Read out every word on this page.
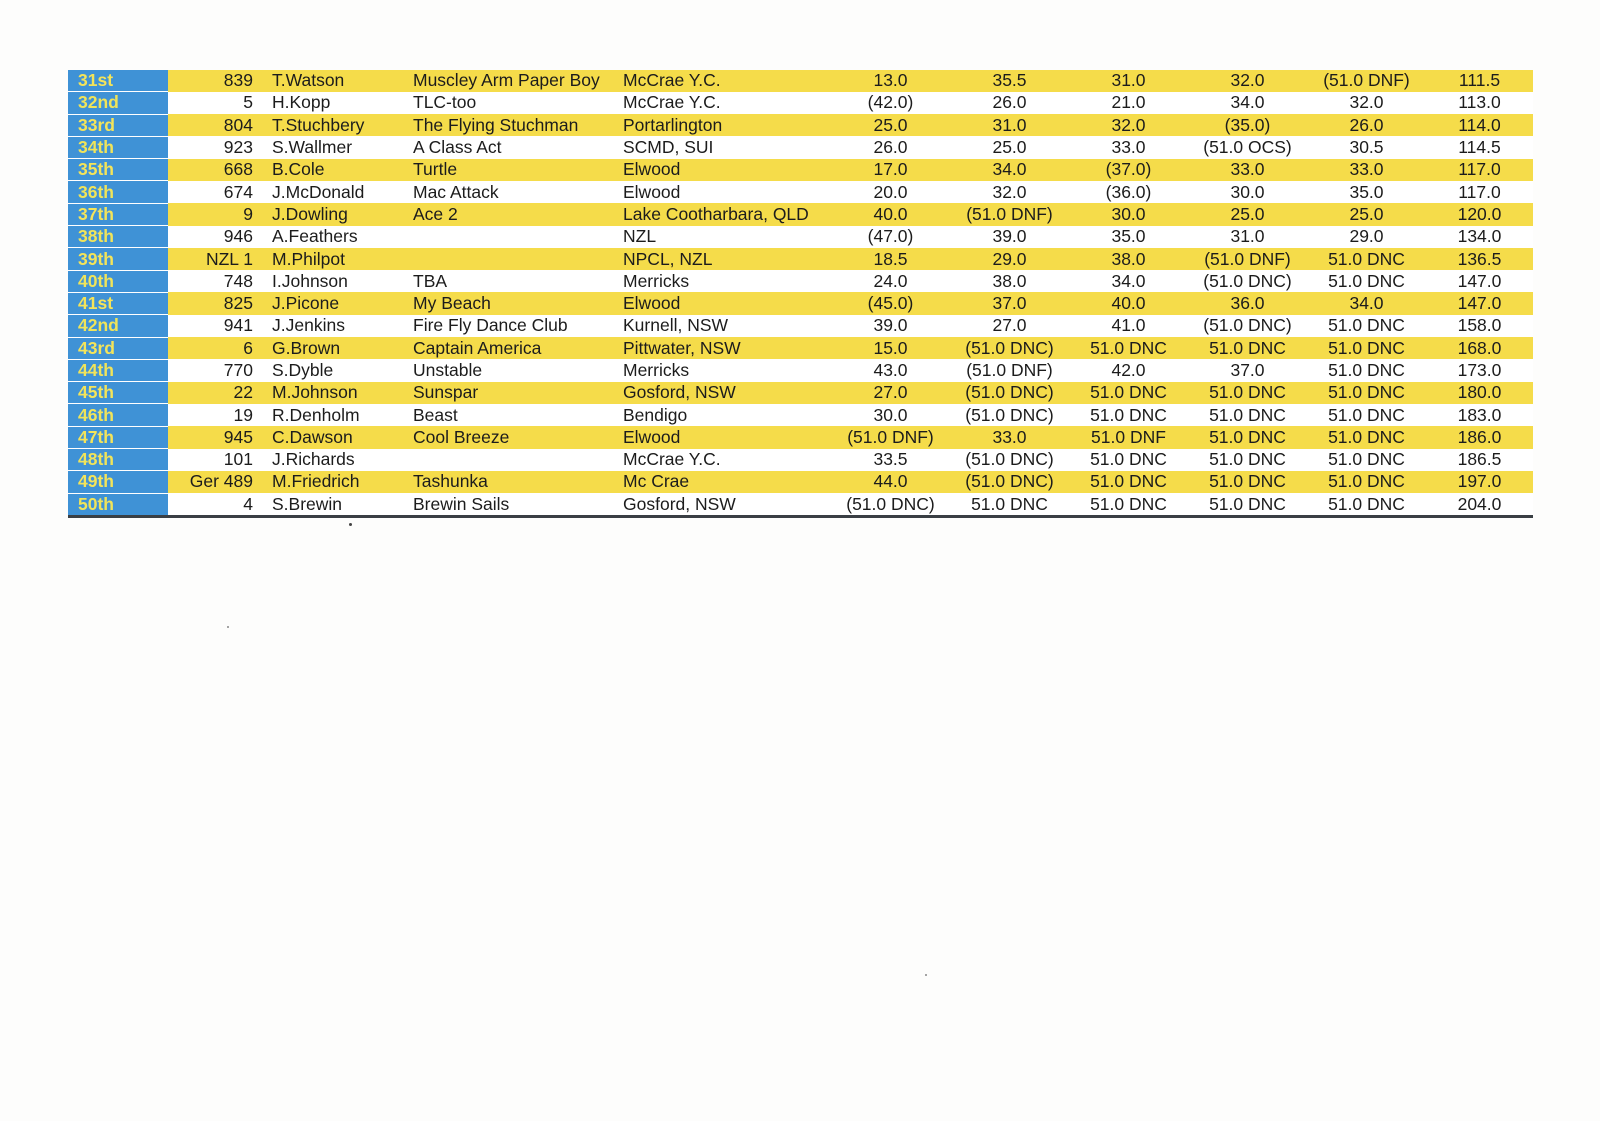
31st	839	T.Watson	Muscley Arm Paper Boy	McCrae Y.C.	13.0	35.5	31.0	32.0	(51.0 DNF)	111.5
32nd	5	H.Kopp	TLC-too	McCrae Y.C.	(42.0)	26.0	21.0	34.0	32.0	113.0
33rd	804	T.Stuchbery	The Flying Stuchman	Portarlington	25.0	31.0	32.0	(35.0)	26.0	114.0
34th	923	S.Wallmer	A Class Act	SCMD, SUI	26.0	25.0	33.0	(51.0 OCS)	30.5	114.5
35th	668	B.Cole	Turtle	Elwood	17.0	34.0	(37.0)	33.0	33.0	117.0
36th	674	J.McDonald	Mac Attack	Elwood	20.0	32.0	(36.0)	30.0	35.0	117.0
37th	9	J.Dowling	Ace 2	Lake Cootharbara, QLD	40.0	(51.0 DNF)	30.0	25.0	25.0	120.0
38th	946	A.Feathers		NZL	(47.0)	39.0	35.0	31.0	29.0	134.0
39th	NZL 1	M.Philpot		NPCL, NZL	18.5	29.0	38.0	(51.0 DNF)	51.0 DNC	136.5
40th	748	I.Johnson	TBA	Merricks	24.0	38.0	34.0	(51.0 DNC)	51.0 DNC	147.0
41st	825	J.Picone	My Beach	Elwood	(45.0)	37.0	40.0	36.0	34.0	147.0
42nd	941	J.Jenkins	Fire Fly Dance Club	Kurnell, NSW	39.0	27.0	41.0	(51.0 DNC)	51.0 DNC	158.0
43rd	6	G.Brown	Captain America	Pittwater, NSW	15.0	(51.0 DNC)	51.0 DNC	51.0 DNC	51.0 DNC	168.0
44th	770	S.Dyble	Unstable	Merricks	43.0	(51.0 DNF)	42.0	37.0	51.0 DNC	173.0
45th	22	M.Johnson	Sunspar	Gosford, NSW	27.0	(51.0 DNC)	51.0 DNC	51.0 DNC	51.0 DNC	180.0
46th	19	R.Denholm	Beast	Bendigo	30.0	(51.0 DNC)	51.0 DNC	51.0 DNC	51.0 DNC	183.0
47th	945	C.Dawson	Cool Breeze	Elwood	(51.0 DNF)	33.0	51.0 DNF	51.0 DNC	51.0 DNC	186.0
48th	101	J.Richards		McCrae Y.C.	33.5	(51.0 DNC)	51.0 DNC	51.0 DNC	51.0 DNC	186.5
49th	Ger 489	M.Friedrich	Tashunka	Mc Crae	44.0	(51.0 DNC)	51.0 DNC	51.0 DNC	51.0 DNC	197.0
50th	4	S.Brewin	Brewin Sails	Gosford, NSW	(51.0 DNC)	51.0 DNC	51.0 DNC	51.0 DNC	51.0 DNC	204.0
